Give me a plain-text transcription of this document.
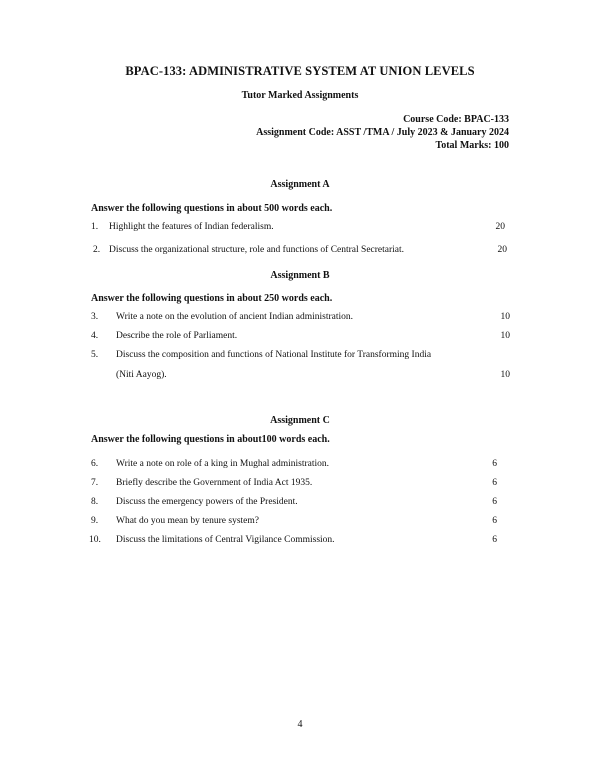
BPAC-133: ADMINISTRATIVE SYSTEM AT UNION LEVELS
Tutor Marked Assignments
Course Code: BPAC-133
Assignment Code: ASST /TMA / July 2023 & January 2024
Total Marks: 100
Assignment A
Answer the following questions in about 500 words each.
1. Highlight the features of Indian federalism.	20
2. Discuss the organizational structure, role and functions of Central Secretariat.	20
Assignment B
Answer the following questions in about 250 words each.
3. Write a note on the evolution of ancient Indian administration.	10
4. Describe the role of Parliament.	10
5. Discuss the composition and functions of National Institute for Transforming India
(Niti Aayog).	10
Assignment C
Answer the following questions in about100 words each.
6. Write a note on role of a king in Mughal administration.	6
7. Briefly describe the Government of India Act 1935.	6
8. Discuss the emergency powers of the President.	6
9. What do you mean by tenure system?	6
10. Discuss the limitations of Central Vigilance Commission.	6
4
